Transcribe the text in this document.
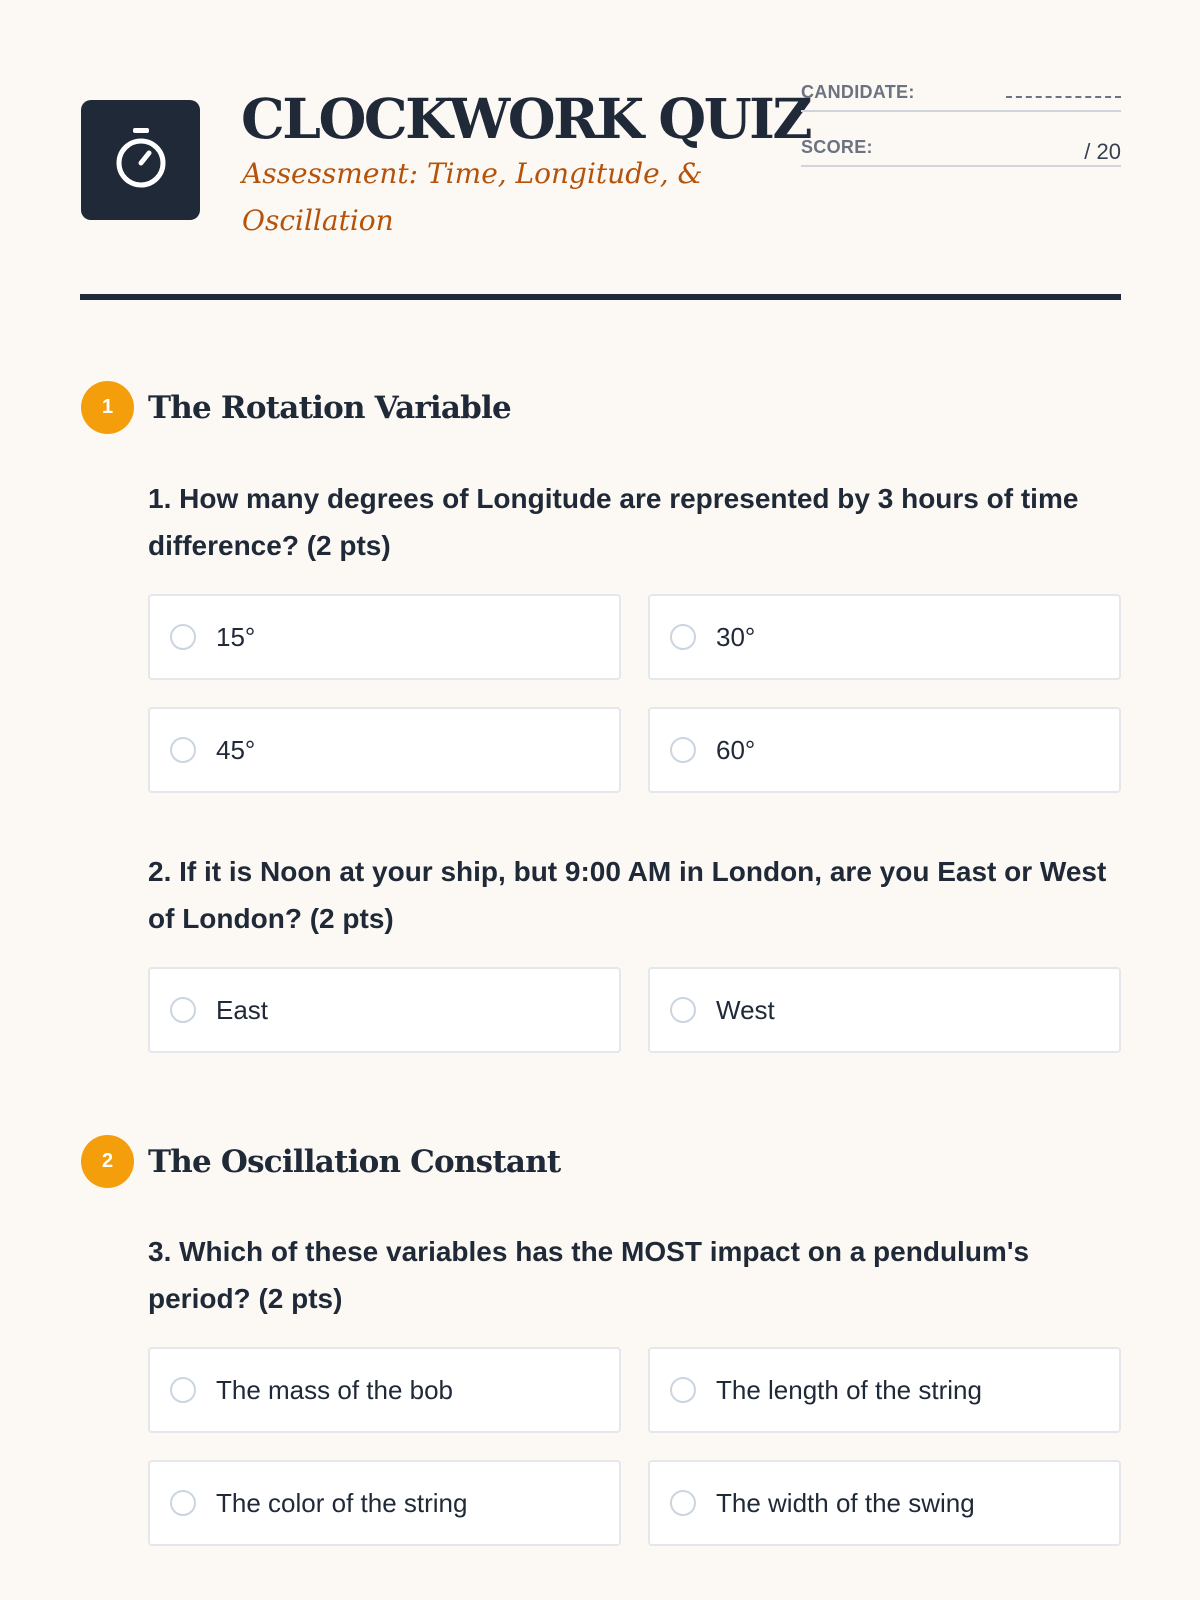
CLOCKWORK QUIZ
Assessment: Time, Longitude, & Oscillation
CANDIDATE:
SCORE:	/ 20
1	The Rotation Variable
1. How many degrees of Longitude are represented by 3 hours of time difference? (2 pts)
15°	30°
45°	60°
2. If it is Noon at your ship, but 9:00 AM in London, are you East or West of London? (2 pts)
East	West
2	The Oscillation Constant
3. Which of these variables has the MOST impact on a pendulum's period? (2 pts)
The mass of the bob	The length of the string
The color of the string	The width of the swing
